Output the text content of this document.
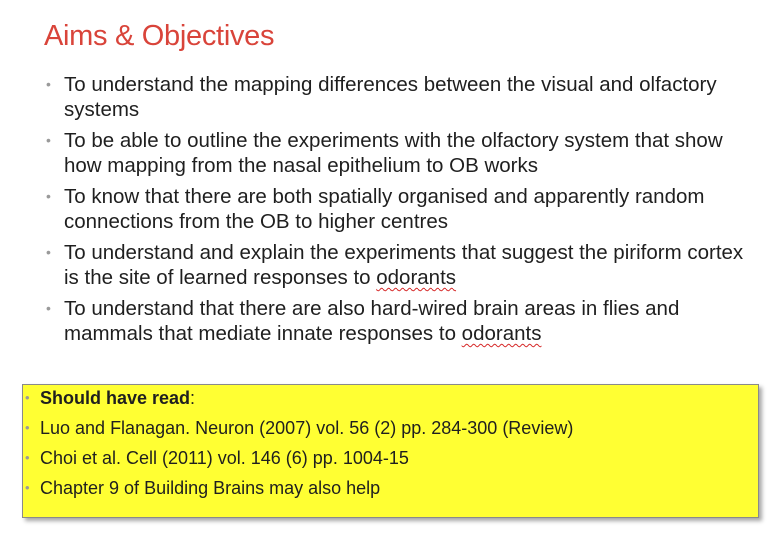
Aims & Objectives
• To understand the mapping differences between the visual and olfactory systems
• To be able to outline the experiments with the olfactory system that show how mapping from the nasal epithelium to OB works
• To know that there are both spatially organised and apparently random connections from the OB to higher centres
• To understand and explain the experiments that suggest the piriform cortex is the site of learned responses to odorants
• To understand that there are also hard-wired brain areas in flies and mammals that mediate innate responses to odorants
• Should have read:
• Luo and Flanagan. Neuron (2007) vol. 56 (2) pp. 284-300 (Review)
• Choi et al. Cell (2011) vol. 146 (6) pp. 1004-15
• Chapter 9 of Building Brains may also help
